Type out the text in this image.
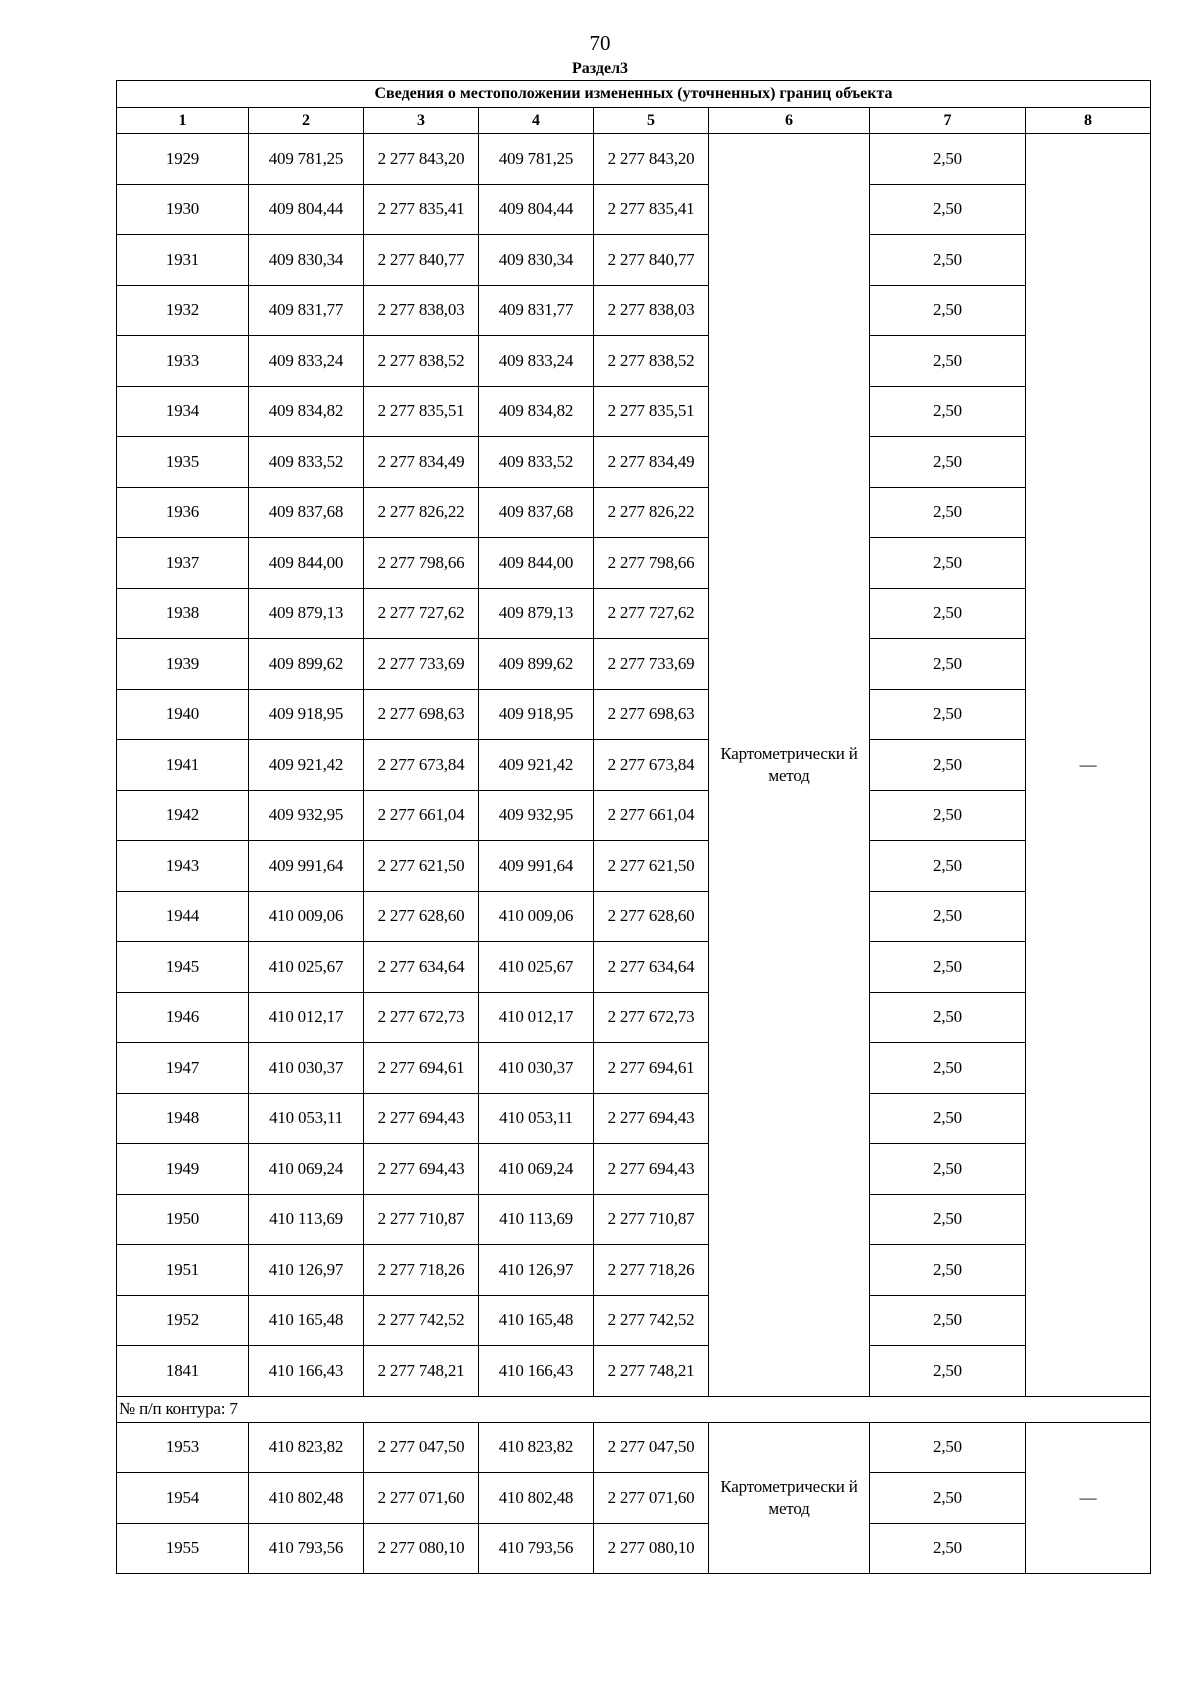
70
Раздел3
Сведения о местоположении измененных (уточненных) границ объекта							
1	2	3	4	5	6	7	8
1929	409 781,25	2 277 843,20	409 781,25	2 277 843,20	Картометрически й метод	2,50	—
1930	409 804,44	2 277 835,41	409 804,44	2 277 835,41		2,50	
1931	409 830,34	2 277 840,77	409 830,34	2 277 840,77		2,50	
1932	409 831,77	2 277 838,03	409 831,77	2 277 838,03		2,50	
1933	409 833,24	2 277 838,52	409 833,24	2 277 838,52		2,50	
1934	409 834,82	2 277 835,51	409 834,82	2 277 835,51		2,50	
1935	409 833,52	2 277 834,49	409 833,52	2 277 834,49		2,50	
1936	409 837,68	2 277 826,22	409 837,68	2 277 826,22		2,50	
1937	409 844,00	2 277 798,66	409 844,00	2 277 798,66		2,50	
1938	409 879,13	2 277 727,62	409 879,13	2 277 727,62		2,50	
1939	409 899,62	2 277 733,69	409 899,62	2 277 733,69		2,50	
1940	409 918,95	2 277 698,63	409 918,95	2 277 698,63		2,50	
1941	409 921,42	2 277 673,84	409 921,42	2 277 673,84		2,50	
1942	409 932,95	2 277 661,04	409 932,95	2 277 661,04		2,50	
1943	409 991,64	2 277 621,50	409 991,64	2 277 621,50		2,50	
1944	410 009,06	2 277 628,60	410 009,06	2 277 628,60		2,50	
1945	410 025,67	2 277 634,64	410 025,67	2 277 634,64		2,50	
1946	410 012,17	2 277 672,73	410 012,17	2 277 672,73		2,50	
1947	410 030,37	2 277 694,61	410 030,37	2 277 694,61		2,50	
1948	410 053,11	2 277 694,43	410 053,11	2 277 694,43		2,50	
1949	410 069,24	2 277 694,43	410 069,24	2 277 694,43		2,50	
1950	410 113,69	2 277 710,87	410 113,69	2 277 710,87		2,50	
1951	410 126,97	2 277 718,26	410 126,97	2 277 718,26		2,50	
1952	410 165,48	2 277 742,52	410 165,48	2 277 742,52		2,50	
1841	410 166,43	2 277 748,21	410 166,43	2 277 748,21		2,50	
№ п/п контура: 7							
1953	410 823,82	2 277 047,50	410 823,82	2 277 047,50	Картометрически й метод	2,50	—
1954	410 802,48	2 277 071,60	410 802,48	2 277 071,60		2,50	
1955	410 793,56	2 277 080,10	410 793,56	2 277 080,10		2,50	
